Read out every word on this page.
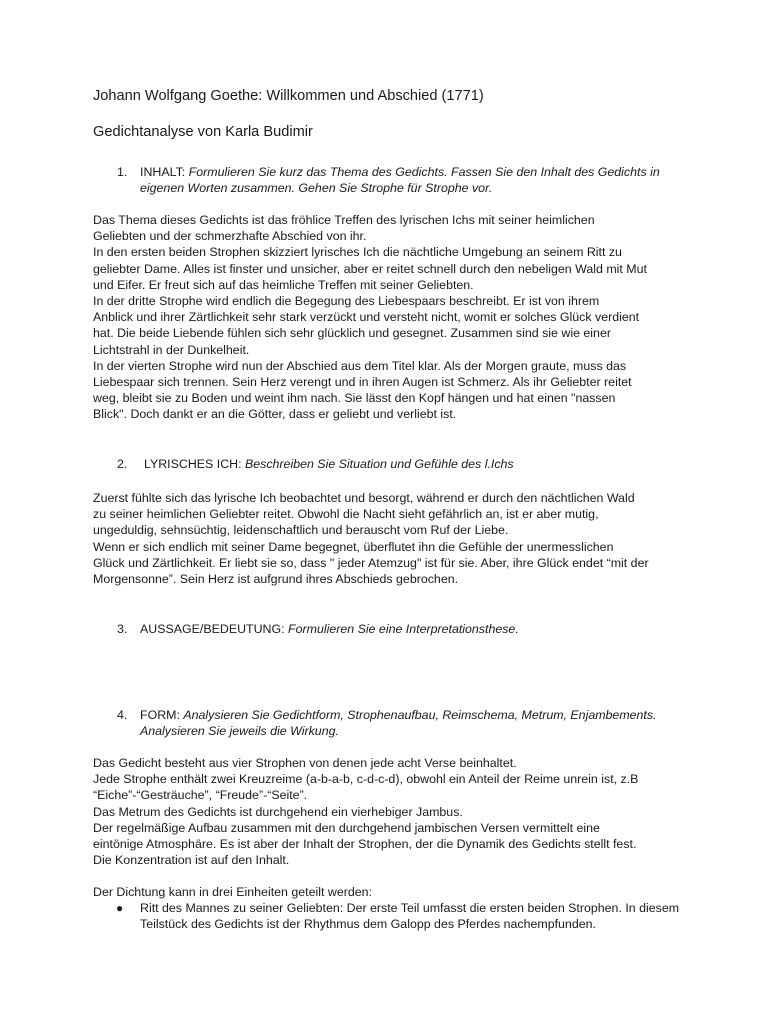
Johann Wolfgang Goethe: Willkommen und Abschied (1771)
Gedichtanalyse von Karla Budimir
1. INHALT: Formulieren Sie kurz das Thema des Gedichts. Fassen Sie den Inhalt des Gedichts in eigenen Worten zusammen. Gehen Sie Strophe für Strophe vor.
Das Thema dieses Gedichts ist das fröhlice Treffen des lyrischen Ichs mit seiner heimlichen
Geliebten und der schmerzhafte Abschied von ihr.
In den ersten beiden Strophen skizziert lyrisches Ich die nächtliche Umgebung an seinem Ritt zu
geliebter Dame. Alles ist finster und unsicher, aber er reitet schnell durch den nebeligen Wald mit Mut
und Eifer. Er freut sich auf das heimliche Treffen mit seiner Geliebten.
In der dritte Strophe wird endlich die Begegung des Liebespaars beschreibt. Er ist von ihrem
Anblick und ihrer Zärtlichkeit sehr stark verzückt und versteht nicht, womit er solches Glück verdient
hat. Die beide Liebende fühlen sich sehr glücklich und gesegnet. Zusammen sind sie wie einer
Lichtstrahl in der Dunkelheit.
In der vierten Strophe wird nun der Abschied aus dem Titel klar. Als der Morgen graute, muss das
Liebespaar sich trennen. Sein Herz verengt und in ihren Augen ist Schmerz. Als ihr Geliebter reitet
weg, bleibt sie zu Boden und weint ihm nach. Sie lässt den Kopf hängen und hat einen "nassen
Blick". Doch dankt er an die Götter, dass er geliebt und verliebt ist.
2. LYRISCHES ICH: Beschreiben Sie Situation und Gefühle des l.Ichs
Zuerst fühlte sich das lyrische Ich beobachtet und besorgt, während er durch den nächtlichen Wald
zu seiner heimlichen Geliebter reitet. Obwohl die Nacht sieht gefährlich an, ist er aber mutig,
ungeduldig, sehnsüchtig, leidenschaftlich und berauscht vom Ruf der Liebe.
Wenn er sich endlich mit seiner Dame begegnet, überflutet ihn die Gefühle der unermesslichen
Glück und Zärtlichkeit. Er liebt sie so, dass " jeder Atemzug" ist für sie. Aber, ihre Glück endet “mit der
Morgensonne”. Sein Herz ist aufgrund ihres Abschieds gebrochen.
3. AUSSAGE/BEDEUTUNG: Formulieren Sie eine Interpretationsthese.
4. FORM: Analysieren Sie Gedichtform, Strophenaufbau, Reimschema, Metrum, Enjambements. Analysieren Sie jeweils die Wirkung.
Das Gedicht besteht aus vier Strophen von denen jede acht Verse beinhaltet.
Jede Strophe enthält zwei Kreuzreime (a-b-a-b, c-d-c-d), obwohl ein Anteil der Reime unrein ist, z.B
“Eiche”-“Gesträuche”, “Freude”-“Seite”.
Das Metrum des Gedichts ist durchgehend ein vierhebiger Jambus.
Der regelmäßige Aufbau zusammen mit den durchgehend jambischen Versen vermittelt eine
eintönige Atmosphäre. Es ist aber der Inhalt der Strophen, der die Dynamik des Gedichts stellt fest.
Die Konzentration ist auf den Inhalt.
Der Dichtung kann in drei Einheiten geteilt werden:
● Ritt des Mannes zu seiner Geliebten: Der erste Teil umfasst die ersten beiden Strophen. In diesem Teilstück des Gedichts ist der Rhythmus dem Galopp des Pferdes nachempfunden.
